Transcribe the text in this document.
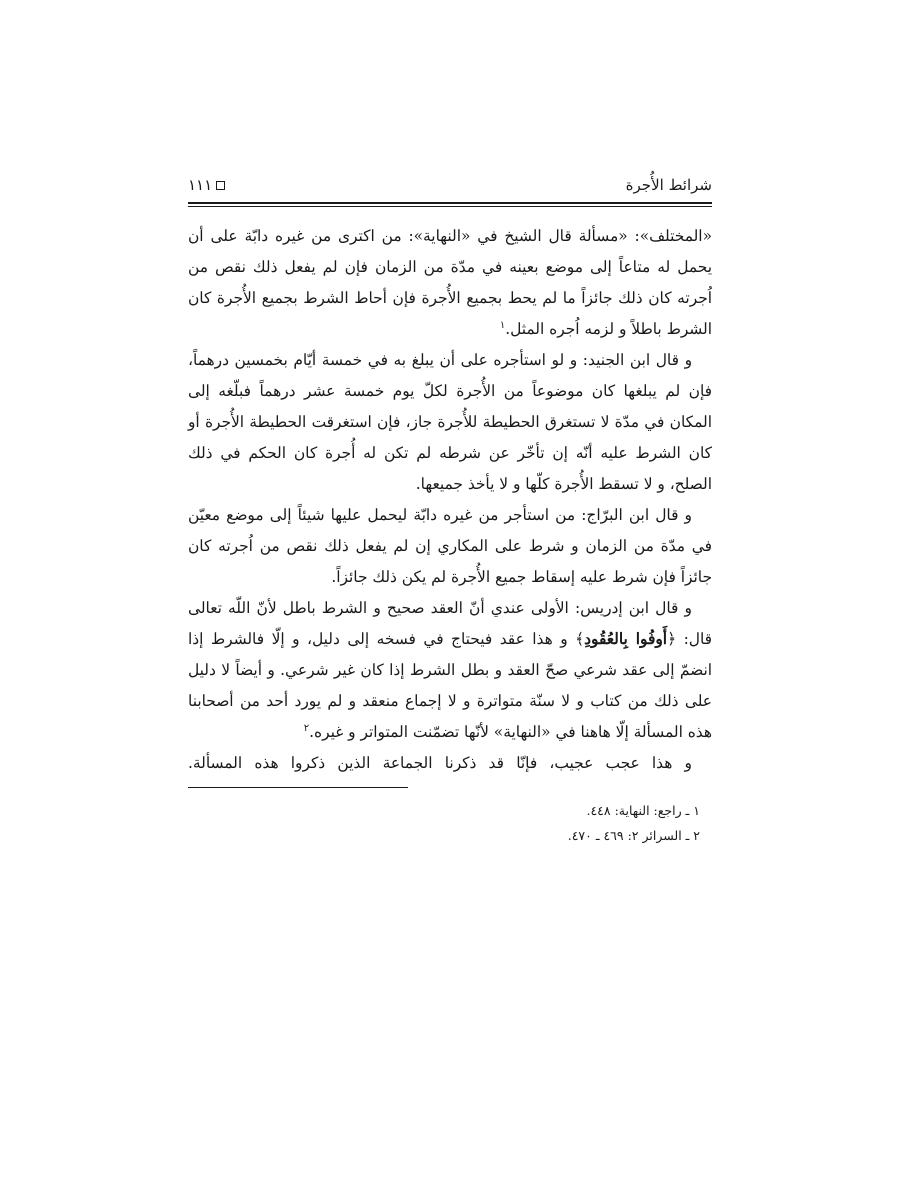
شرائط الأُجرة
١١١

«المختلف»: «مسألة قال الشيخ في «النهاية»: من اكترى من غيره دابّة على أن يحمل له متاعاً إلى موضع بعينه في مدّة من الزمان فإن لم يفعل ذلك نقص من اُجرته كان ذلك جائزاً ما لم يحط بجميع الأُجرة فإن أحاط الشرط بجميع الأُجرة كان الشرط باطلاً و لزمه اُجره المثل.$^١$

و قال ابن الجنيد: و لو استأجره على أن يبلغ به في خمسة أيّام بخمسين درهماً، فإن لم يبلغها كان موضوعاً من الأُجرة لكلّ يوم خمسة عشر درهماً فبلّغه إلى المكان في مدّة لا تستغرق الحطيطة للأُجرة جاز، فإن استغرقت الحطيطة الأُجرة أو كان الشرط عليه أنّه إن تأخّر عن شرطه لم تكن له أُجرة كان الحكم في ذلك الصلح، و لا تسقط الأُجرة كلّها و لا يأخذ جميعها.

و قال ابن البرّاج: من استأجر من غيره دابّة ليحمل عليها شيئاً إلى موضع معيّن في مدّة من الزمان و شرط على المكاري إن لم يفعل ذلك نقص من اُجرته كان جائزاً فإن شرط عليه إسقاط جميع الأُجرة لم يكن ذلك جائزاً.

و قال ابن إدريس: الأولى عندي أنّ العقد صحيح و الشرط باطل لأنّ اللّه تعالى قال: ﴿أَوفُوا بِالعُقُودِ﴾ و هذا عقد فيحتاج في فسخه إلى دليل، و إلّا فالشرط إذا انضمّ إلى عقد شرعي صحّ العقد و بطل الشرط إذا كان غير شرعي. و أيضاً لا دليل على ذلك من كتاب و لا سنّة متواترة و لا إجماع منعقد و لم يورد أحد من أصحابنا هذه المسألة إلّا هاهنا في «النهاية» لأنّها تضمّنت المتواتر و غيره.$^٢$

و هذا عجب عجيب، فإنّا قد ذكرنا الجماعة الذين ذكروا هذه المسألة.

١ ـ راجع: النهاية: ٤٤٨.
٢ ـ السرائر ٢: ٤٦٩ ـ ٤٧٠.
